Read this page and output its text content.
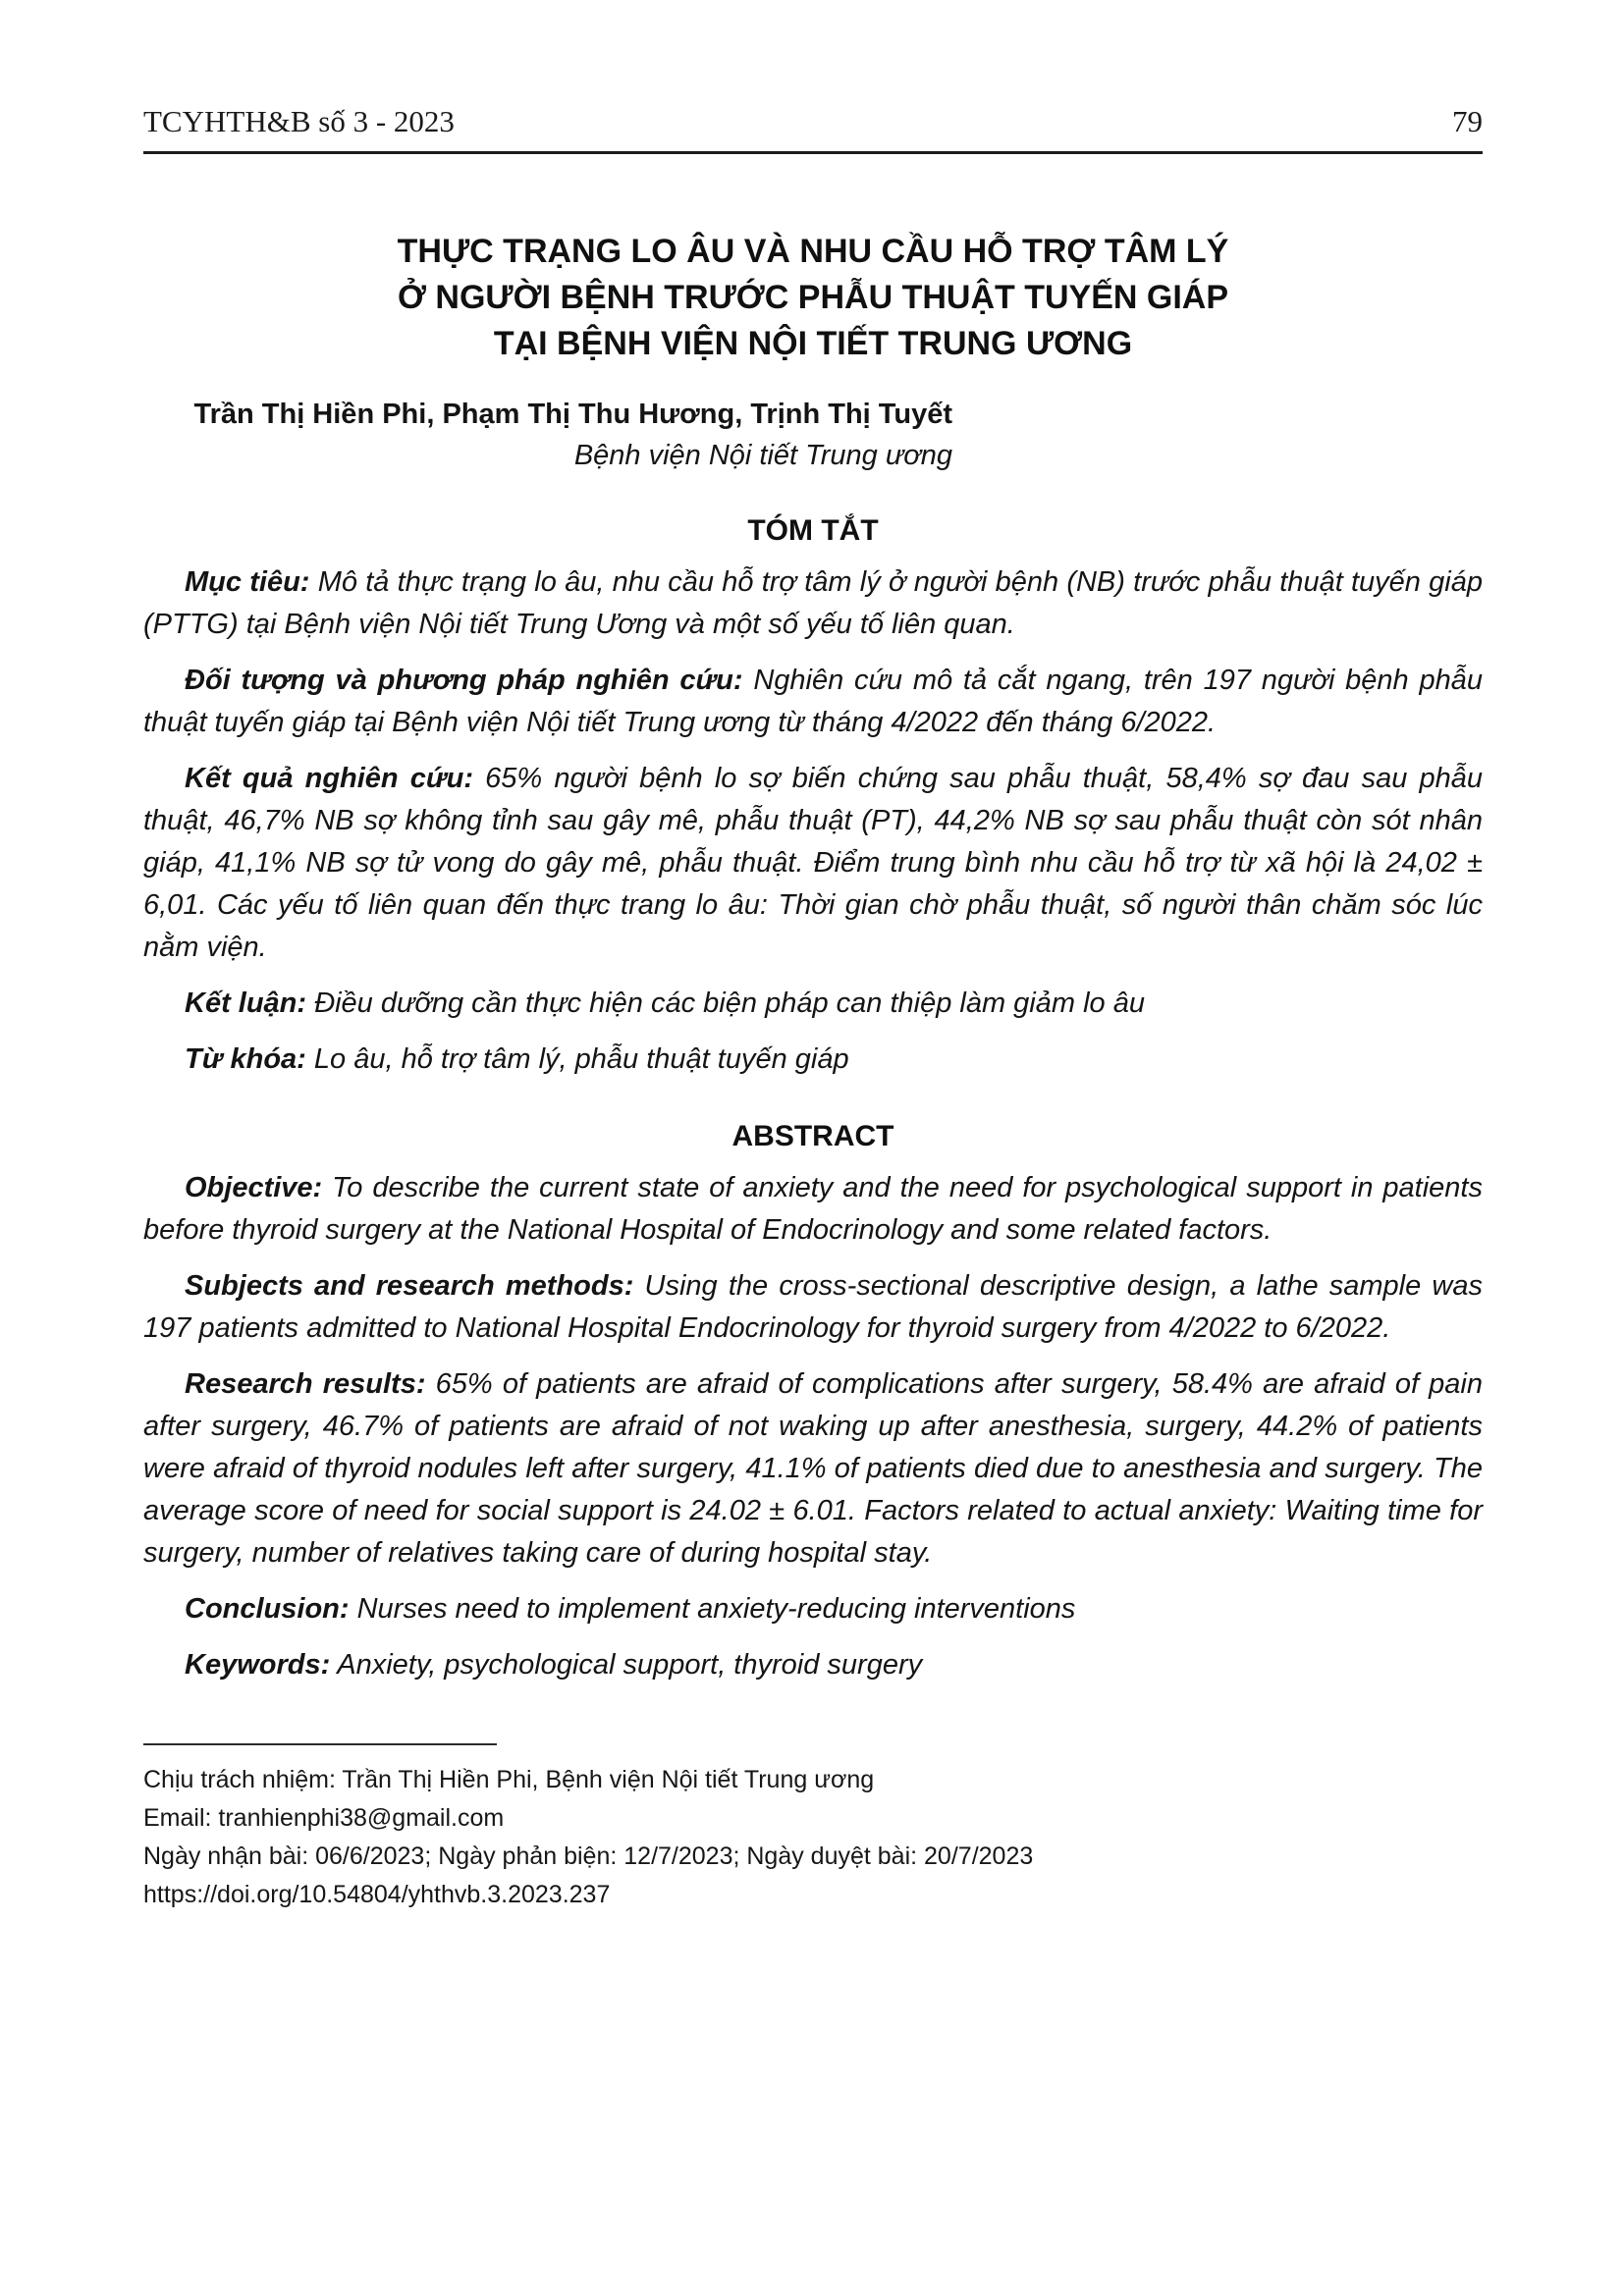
TCYHTH&B số 3 - 2023	79
THỰC TRẠNG LO ÂU VÀ NHU CẦU HỖ TRỢ TÂM LÝ
Ở NGƯỜI BỆNH TRƯỚC PHẪU THUẬT TUYẾN GIÁP
TẠI BỆNH VIỆN NỘI TIẾT TRUNG ƯƠNG
Trần Thị Hiền Phi, Phạm Thị Thu Hương, Trịnh Thị Tuyết
Bệnh viện Nội tiết Trung ương
TÓM TẮT

Mục tiêu: Mô tả thực trạng lo âu, nhu cầu hỗ trợ tâm lý ở người bệnh (NB) trước phẫu thuật tuyến giáp (PTTG) tại Bệnh viện Nội tiết Trung Ương và một số yếu tố liên quan.

Đối tượng và phương pháp nghiên cứu: Nghiên cứu mô tả cắt ngang, trên 197 người bệnh phẫu thuật tuyến giáp tại Bệnh viện Nội tiết Trung ương từ tháng 4/2022 đến tháng 6/2022.

Kết quả nghiên cứu: 65% người bệnh lo sợ biến chứng sau phẫu thuật, 58,4% sợ đau sau phẫu thuật, 46,7% NB sợ không tỉnh sau gây mê, phẫu thuật (PT), 44,2% NB sợ sau phẫu thuật còn sót nhân giáp, 41,1% NB sợ tử vong do gây mê, phẫu thuật. Điểm trung bình nhu cầu hỗ trợ từ xã hội là 24,02 ± 6,01. Các yếu tố liên quan đến thực trang lo âu: Thời gian chờ phẫu thuật, số người thân chăm sóc lúc nằm viện.

Kết luận: Điều dưỡng cần thực hiện các biện pháp can thiệp làm giảm lo âu

Từ khóa: Lo âu, hỗ trợ tâm lý, phẫu thuật tuyến giáp

ABSTRACT

Objective: To describe the current state of anxiety and the need for psychological support in patients before thyroid surgery at the National Hospital of Endocrinology and some related factors.

Subjects and research methods: Using the cross-sectional descriptive design, a lathe sample was 197 patients admitted to National Hospital Endocrinology for thyroid surgery from 4/2022 to 6/2022.

Research results: 65% of patients are afraid of complications after surgery, 58.4% are afraid of pain after surgery, 46.7% of patients are afraid of not waking up after anesthesia, surgery, 44.2% of patients were afraid of thyroid nodules left after surgery, 41.1% of patients died due to anesthesia and surgery. The average score of need for social support is 24.02 ± 6.01. Factors related to actual anxiety: Waiting time for surgery, number of relatives taking care of during hospital stay.

Conclusion: Nurses need to implement anxiety-reducing interventions

Keywords: Anxiety, psychological support, thyroid surgery

Chịu trách nhiệm: Trần Thị Hiền Phi, Bệnh viện Nội tiết Trung ương
Email: tranhienphi38@gmail.com
Ngày nhận bài: 06/6/2023; Ngày phản biện: 12/7/2023; Ngày duyệt bài: 20/7/2023
https://doi.org/10.54804/yhthvb.3.2023.237
